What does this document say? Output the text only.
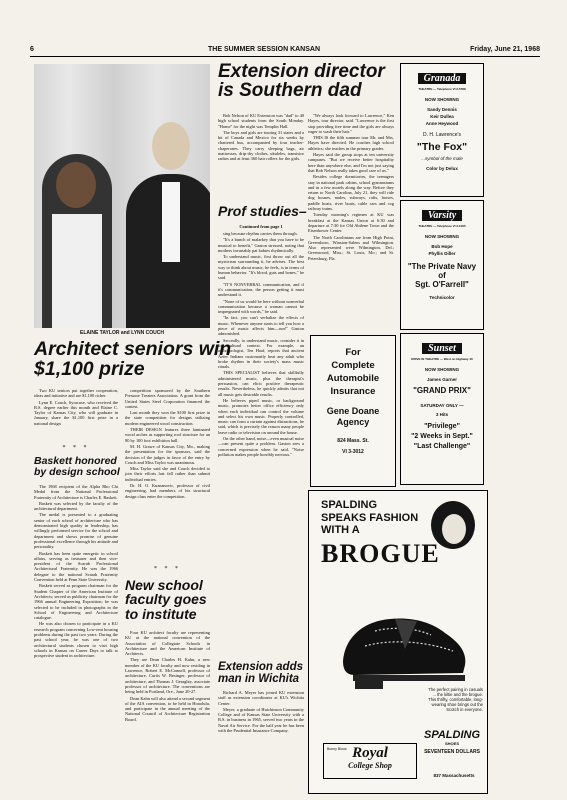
6	THE SUMMER SESSION KANSAN	Friday, June 21, 1968
ELAINE TAYLOR and LYNN COUCH
Architect seniors win $1,100 prize

Two KU seniors put together cooperation, ideas and initiative and are $1,100 richer.

Lynn E. Couch, Syracuse, who received the B.S. degree earlier this month and Elaine C. Taylor of Kansas City, who will graduate in January, share the $1,100 first prize in a national design

* * *
Baskett honored by design school

The 1968 recipient of the Alpha Rho Chi Medal from the National Professional Fraternity of Architecture is Charles E. Baskett.

Baskett was selected by the faculty of the architectural department.

The medal is presented to a graduating senior of each school of architecture who has demonstrated high quality in leadership, has willingly performed service for the school and department and shows promise of genuine professional excellence through his attitude and personality.

Baskett has been quite energetic in school affairs, serving as treasurer and then vice-president of the Scarab Professional Architectural Fraternity. He was the 1966 delegate to the national Scarab Fraternity Convention held at Penn State University.

Baskett served as program chairman for the Student Chapter of the American Institute of Architects; served as publicity chairman for the 1966 annual Engineering Exposition; he was selected to be included in photographs in the School of Engineering and Architecture catalogue.

He was also chosen to participate in a KU research program concerning Low-rent housing problems during the past two years. During the past school year, he was one of two architectural students chosen to visit high schools in Kansas on Career Days to talk to prospective student in architecture.

competition sponsored by the Southern Pressure Treaters Association. A grant from the United States Steel Corporation financed the contest.

Last month they won the $100 first prize in the state competition for designs utilizing modern engineered wood construction.

THEIR DESIGN features three laminated wood arches as supporting roof structure for an 80 by 100 foot exhibition hall.

M. H. Grawe of Kansas City, Mo., making the presentation for the sponsors, said the decision of the judges in favor of the entry by Couch and Miss Taylor was unanimous.

Miss Taylor said she and Couch decided to join their efforts last fall rather than submit individual entries.

Dr. H. O. Kuznanovic, professor of civil engineering, had members of his structural design class enter the competition.

* * *
New school faculty goes to institute

Four KU architect faculty are representing KU at the national convention of the Association of Collegiate Schools in Architecture and the American Institute of Architects.

They are Dean Charles H. Kahn, a new member of the KU faculty and now residing in Lawrence, Robert E. McConnell, professor of architecture, Curtis W. Besinger, professor of architecture, and Thomas J. Geraghty, associate professor of architecture. The conventions are being held in Portland, Ore., June 20-27.

Dean Kahn will also attend a second segment of the AIA convention, to be held in Honolulu, and participate in the annual meeting of the National Council of Architecture Registration Board.

Extension director is Southern dad

Bob Nelson of KU Extension was "dad" to 40 high school students from the South Monday. "Home" for the night was Templin Hall.

The boys and girls are touring 31 states and a bit of Canada and Mexico for six weeks by chartered bus, accompanied by four teacher-chaperones. They carry sleeping bags, air mattresses, drip-dry clothes, ukuleles, transistor radios and at least 360 hair rollers for the girls.

"We always look forward to Lawrence," Ken Hayes, tour director, said. "Lawrence is the first stop providing free time and the girls are always eager to wash their hair."

THIS IS the fifth summer tour Mr. and Mrs. Hayes have directed. He coaches high school athletics; she teaches in the primary grades.

Hayes said the group stops at ten university campuses. "But we receive better hospitality here than anywhere else, and I'm not just saying that Bob Nelson really takes good care of us."

Besides college dormitories, the teenagers stay in national park cabins, school gymnasiums and in a few motels along the way. Before they return to North Carolina, July 21, they will ride dog houses, mules, subways, rafts, horses, paddle boats, river boats, cable cars and cog railway trains.

Tuesday morning's regimen at KU was breakfast at the Kansas Union at 6:30 and departure at 7:30 for Old Abilene Town and the Eisenhower Center.

The North Carolinians are from High Point, Greensboro, Winston-Salem and Wilmington. Also represented were Wilmington, Del.; Greenwood, Miss.; St. Louis, Mo.; and St. Petersburg, Fla.

Prof studies–
Continued from page 1

sing because rhythm carries them through.

"It's a bunch of malarkey that you have to be musical to benefit," Gaston stressed, noting that mothers invariably pat babies rhythmically.

To understand music, first throw out all the mysticism surrounding it, he advises. The best way to think about music, he feels, is in terms of human behavior. "It's blood, guts and bones," he said.

"IT'S NONVERBAL communication, and if it's communication, the person getting it must understand it.

"None of us would be here without nonverbal communication because a woman cannot be impregnated with words," he said.

"In fact, you can't verbalize the effects of music. Whenever anyone starts to tell you how a piece of music affects him—run!" Gaston admonished.

Secondly, to understand music, consider it in its cultural context. For example, an anthropologist, Ten Haaf, reports that ancient Aztec Indians customarily beat any adult who broke rhythm in their society's mass music rituals.

THIS SPECIALIST believes that skillfully administered music, plus the therapist's persuasion, can elicit positive therapeutic results. Nevertheless, he quickly admits that not all music gets desirable results.

He believes piped music, or background music, promotes better office efficiency only when each individual can control the volume and select his own music. Properly controlled, music can form a curtain against distractions, he said, which is precisely the reason many people leave radio or television on around the house.

On the other hand, noise—even musical noise—can present quite a problem. Gaston sees a concerned expression when he said, "Noise pollution makes people horribly nervous."

Extension adds man in Wichita

Richard A. Meyer has joined KU extension staff as extension coordinator at KU's Wichita Center.

Meyer, a graduate of Hutchinson Community College and of Kansas State University with a B.S. in business in 1965, served two years in the Naval Air Service. For the half year he has been with the Prudential Insurance Company.

For
Complete
Automobile
Insurance
Gene Doane
Agency
824 Mass. St.
VI 3-3012
Granada
THEATRE — Telephone VI 3-5788
NOW SHOWING
Sandy Dennis
Keir Dullea
Anne Heywood
D. H. Lawrence's
"The Fox"
...symbol of the male
Color by Delux
Varsity
THEATRE — Telephone VI 3-1065
NOW SHOWING
Bob Hope
Phyllis Diller
"The Private Navy
of
Sgt. O'Farrell"
Technicolor
Sunset
DRIVE IN THEATRE — West on Highway 40
NOW SHOWING
James Garner
"GRAND PRIX"
SATURDAY ONLY —
3 Hits
"Privilege"
"2 Weeks in Sept."
"Last Challenge"
SPALDING
SPEAKS FASHION
WITH A
BROGUE
The perfect pairing in casuals ... the kiltie and the brogue. This thrifty, comfortable, long-wearing shoe brings out the Scotch in everyone.
SPALDING
SHOES
SEVENTEEN DOLLARS
Bunny Bloos Royal
College Shop
837 Massachusetts
